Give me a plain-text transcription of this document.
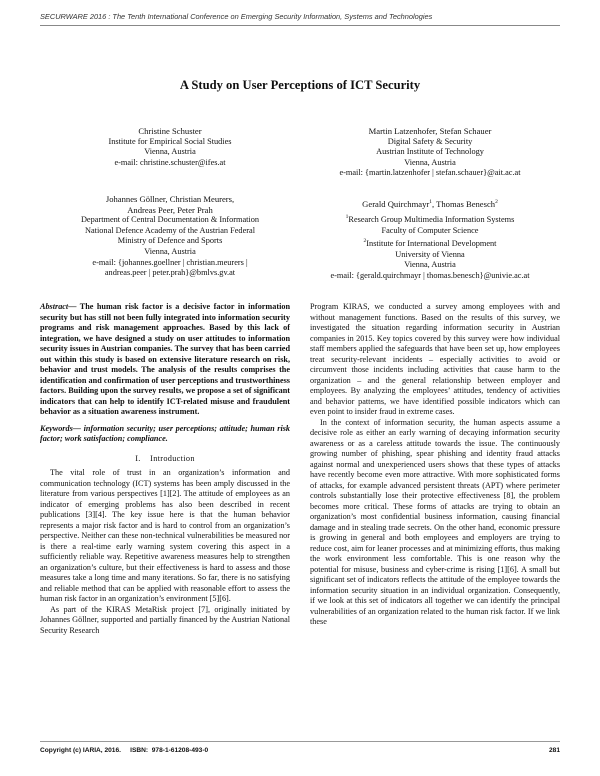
SECURWARE 2016 : The Tenth International Conference on Emerging Security Information, Systems and Technologies
A Study on User Perceptions of ICT Security
Christine Schuster
Institute for Empirical Social Studies
Vienna, Austria
e-mail: christine.schuster@ifes.at
Martin Latzenhofer, Stefan Schauer
Digital Safety & Security
Austrian Institute of Technology
Vienna, Austria
e-mail: {martin.latzenhofer | stefan.schauer}@ait.ac.at
Johannes Göllner, Christian Meurers,
Andreas Peer, Peter Prah
Department of Central Documentation & Information
National Defence Academy of the Austrian Federal
Ministry of Defence and Sports
Vienna, Austria
e-mail: {johannes.goellner | christian.meurers |
andreas.peer | peter.prah}@bmlvs.gv.at
Gerald Quirchmayr$^1$, Thomas Benesch$^2$
$^1$Research Group Multimedia Information Systems
Faculty of Computer Science
$^2$Institute for International Development
University of Vienna
Vienna, Austria
e-mail: {gerald.quirchmayr | thomas.benesch}@univie.ac.at

Abstract— The human risk factor is a decisive factor in information security but has still not been fully integrated into information security programs and risk management approaches. Based by this lack of integration, we have designed a study on user attitudes to information security issues in Austrian companies. The survey that has been carried out within this study is based on extensive literature research on risk, behavior and trust models. The analysis of the results comprises the identification and confirmation of user perceptions and trustworthiness factors. Building upon the survey results, we propose a set of significant indicators that can help to identify ICT-related misuse and fraudulent behavior as a situation awareness instrument.

Keywords— information security; user perceptions; attitude; human risk factor; work satisfaction; compliance.

I. Introduction

The vital role of trust in an organization’s information and communication technology (ICT) systems has been amply discussed in the literature from various perspectives [1][2]. The attitude of employees as an indicator of emerging problems has also been described in recent publications [3][4]. The key issue here is that the human behavior represents a major risk factor and is hard to control from an organization’s perspective. Neither can these non-technical vulnerabilities be measured nor is there a real-time early warning system covering this aspect in a sufficiently reliable way. Repetitive awareness measures help to strengthen an organization’s culture, but their effectiveness is hard to assess and those measures take a long time and many iterations. So far, there is no satisfying and reliable method that can be applied with reasonable effort to assess the human risk factor in an organization’s environment [5][6].

As part of the KIRAS MetaRisk project [7], originally initiated by Johannes Göllner, supported and partially financed by the Austrian National Security Research

Program KIRAS, we conducted a survey among employees with and without management functions. Based on the results of this survey, we investigated the situation regarding information security in Austrian companies in 2015. Key topics covered by this survey were how individual staff members applied the safeguards that have been set up, how employees treat security-relevant incidents – especially activities to avoid or circumvent those incidents including activities that cause harm to the organization – and the general relationship between employer and employees. By analyzing the employees’ attitudes, tendency of activities and behavior patterns, we have identified possible indicators which can even point to insider fraud in extreme cases.

In the context of information security, the human aspects assume a decisive role as either an early warning of decaying information security awareness or as a careless attitude towards the issue. The continuously growing number of phishing, spear phishing and identity fraud attacks against normal and unexperienced users shows that these types of attacks have recently become even more attractive. With more sophisticated forms of attacks, for example advanced persistent threats (APT) where perimeter controls substantially lose their protective effectiveness [8], the problem becomes more critical. These forms of attacks are trying to obtain an organization’s most confidential business information, causing financial damage and in stealing trade secrets. On the other hand, economic pressure is growing in general and both employees and employers are trying to reduce cost, aim for leaner processes and at minimizing efforts, thus making the work environment less comfortable. This is one reason why the potential for misuse, business and cyber-crime is rising [1][6]. A small but significant set of indicators reflects the attitude of the employee towards the information security situation in an individual organization. Consequently, if we look at this set of indicators all together we can identify the principal vulnerabilities of an organization related to the human risk factor. If we link these

Copyright (c) IARIA, 2016.     ISBN:  978-1-61208-493-0	281
